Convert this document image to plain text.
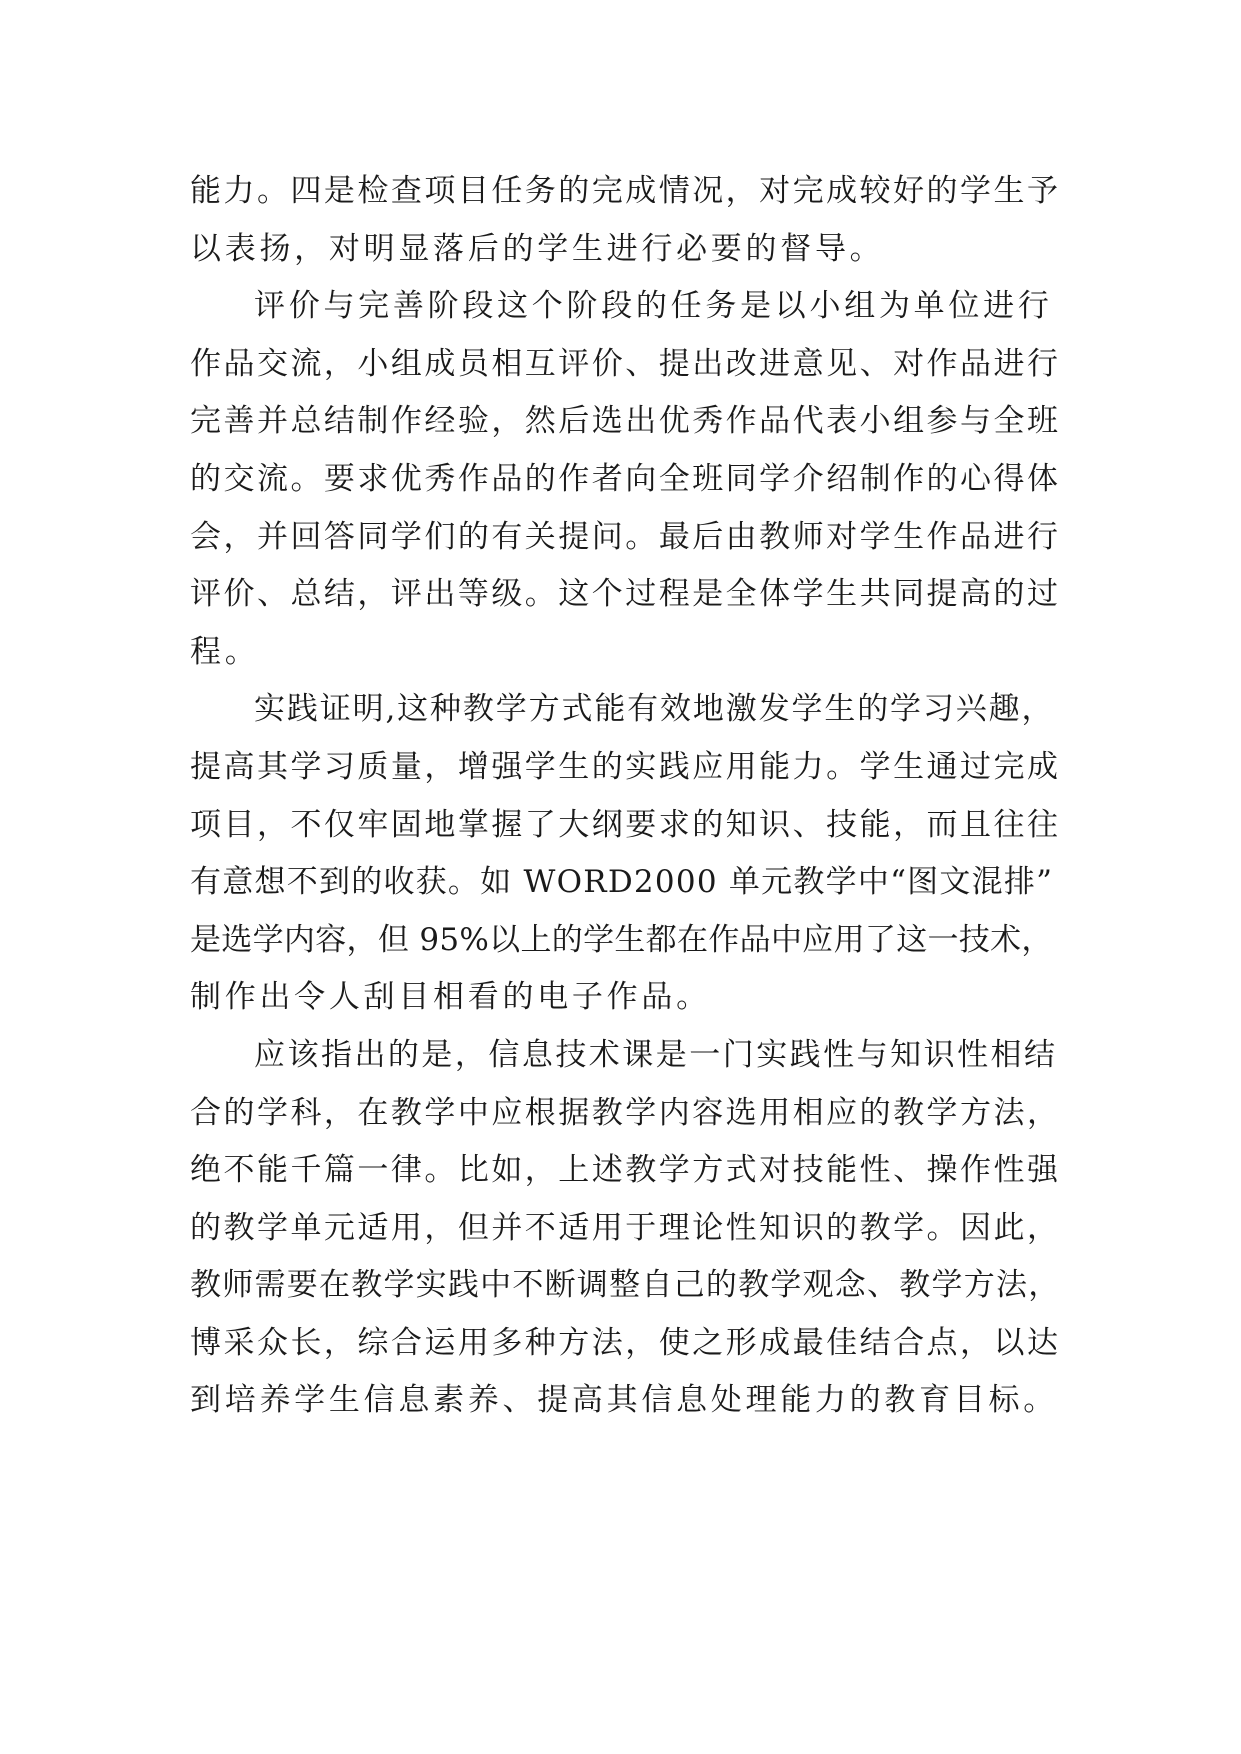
能力。四是检查项目任务的完成情况，对完成较好的学生予
以表扬，对明显落后的学生进行必要的督导。
评价与完善阶段这个阶段的任务是以小组为单位进行
作品交流，小组成员相互评价、提出改进意见、对作品进行
完善并总结制作经验，然后选出优秀作品代表小组参与全班
的交流。要求优秀作品的作者向全班同学介绍制作的心得体
会，并回答同学们的有关提问。最后由教师对学生作品进行
评价、总结，评出等级。这个过程是全体学生共同提高的过
程。
实践证明,这种教学方式能有效地激发学生的学习兴趣，
提高其学习质量，增强学生的实践应用能力。学生通过完成
项目，不仅牢固地掌握了大纲要求的知识、技能，而且往往
有意想不到的收获。如 WORD2000 单元教学中“图文混排”
是选学内容，但 95%以上的学生都在作品中应用了这一技术，
制作出令人刮目相看的电子作品。
应该指出的是，信息技术课是一门实践性与知识性相结
合的学科，在教学中应根据教学内容选用相应的教学方法，
绝不能千篇一律。比如，上述教学方式对技能性、操作性强
的教学单元适用，但并不适用于理论性知识的教学。因此，
教师需要在教学实践中不断调整自己的教学观念、教学方法，
博采众长，综合运用多种方法，使之形成最佳结合点，以达
到培养学生信息素养、提高其信息处理能力的教育目标。
